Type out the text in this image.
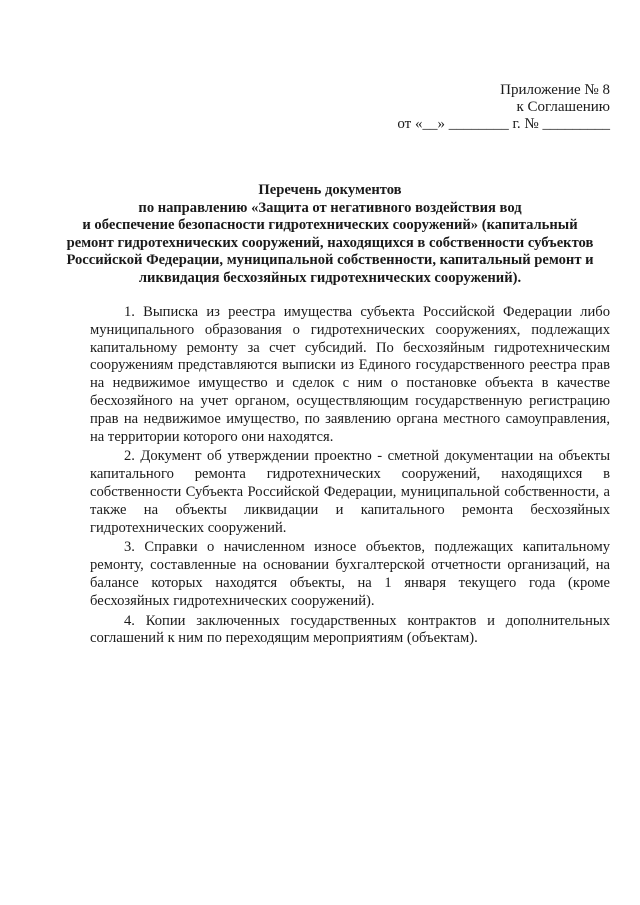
Приложение № 8
к Соглашению
от «__» ________ г. № _________
Перечень документов
по направлению «Защита от негативного воздействия вод
и обеспечение безопасности гидротехнических сооружений» (капитальный
ремонт гидротехнических сооружений, находящихся в собственности субъектов
Российской Федерации, муниципальной собственности, капитальный ремонт и
ликвидация бесхозяйных гидротехнических сооружений).

1. Выписка из реестра имущества субъекта Российской Федерации либо муниципального образования о гидротехнических сооружениях, подлежащих капитальному ремонту за счет субсидий. По бесхозяйным гидротехническим сооружениям представляются выписки из Единого государственного реестра прав на недвижимое имущество и сделок с ним о постановке объекта в качестве бесхозяйного на учет органом, осуществляющим государственную регистрацию прав на недвижимое имущество, по заявлению органа местного самоуправления, на территории которого они находятся.

2. Документ об утверждении проектно - сметной документации на объекты капитального ремонта гидротехнических сооружений, находящихся в собственности Субъекта Российской Федерации, муниципальной собственности, а также на объекты ликвидации и капитального ремонта бесхозяйных гидротехнических сооружений.

3. Справки о начисленном износе объектов, подлежащих капитальному ремонту, составленные на основании бухгалтерской отчетности организаций, на балансе которых находятся объекты, на 1 января текущего года (кроме бесхозяйных гидротехнических сооружений).

4. Копии заключенных государственных контрактов и дополнительных соглашений к ним по переходящим мероприятиям (объектам).
